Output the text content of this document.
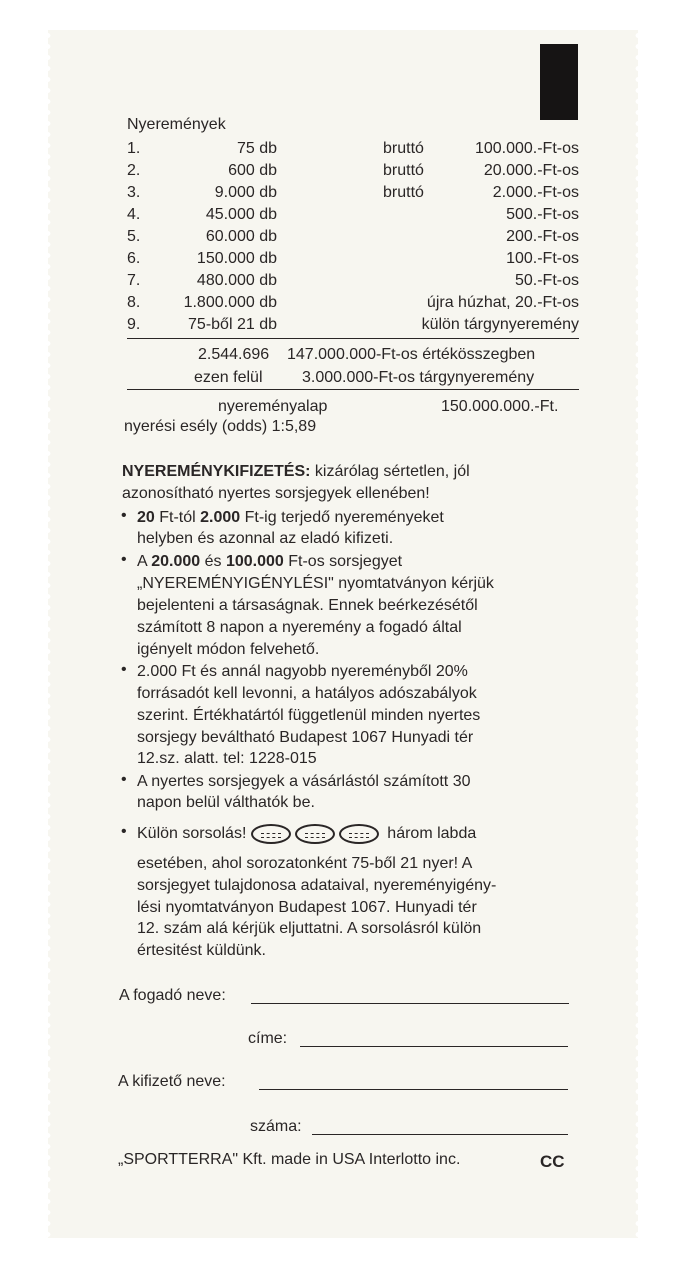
Nyeremények
1.	75 db	bruttó	100.000.-Ft-os
2.	600 db	bruttó	20.000.-Ft-os
3.	9.000 db	bruttó	2.000.-Ft-os
4.	45.000 db	500.-Ft-os
5.	60.000 db	200.-Ft-os
6.	150.000 db	100.-Ft-os
7.	480.000 db	50.-Ft-os
8.	1.800.000 db	újra húzhat, 20.-Ft-os
9.	75-ből 21 db	külön tárgynyeremény
2.544.696 147.000.000-Ft-os értékösszegben
ezen felül 3.000.000-Ft-os tárgynyeremény
nyereményalap	150.000.000.-Ft.
nyerési esély (odds) 1:5,89
NYEREMÉNYKIFIZETÉS: kizárólag sértetlen, jól
azonosítható nyertes sorsjegyek ellenében!
• 20 Ft-tól 2.000 Ft-ig terjedő nyereményeket
helyben és azonnal az eladó kifizeti.
• A 20.000 és 100.000 Ft-os sorsjegyet
„NYEREMÉNYIGÉNYLÉSI" nyomtatványon kérjük
bejelenteni a társaságnak. Ennek beérkezésétől
számított 8 napon a nyeremény a fogadó által
igényelt módon felvehető.
• 2.000 Ft és annál nagyobb nyereményből 20%
forrásadót kell levonni, a hatályos adószabályok
szerint. Értékhatártól függetlenül minden nyertes
sorsjegy beváltható Budapest 1067 Hunyadi tér
12.sz. alatt. tel: 1228-015
• A nyertes sorsjegyek a vásárlástól számított 30
napon belül válthatók be.
• Külön sorsolás!	három labda
esetében, ahol sorozatonként 75-ből 21 nyer! A
sorsjegyet tulajdonosa adataival, nyereményigény-
lési nyomtatványon Budapest 1067. Hunyadi tér
12. szám alá kérjük eljuttatni. A sorsolásról külön
értesitést küldünk.
A fogadó neve:
címe:
A kifizető neve:
száma:
„SPORTTERRA" Kft. made in USA Interlotto inc.	CC
